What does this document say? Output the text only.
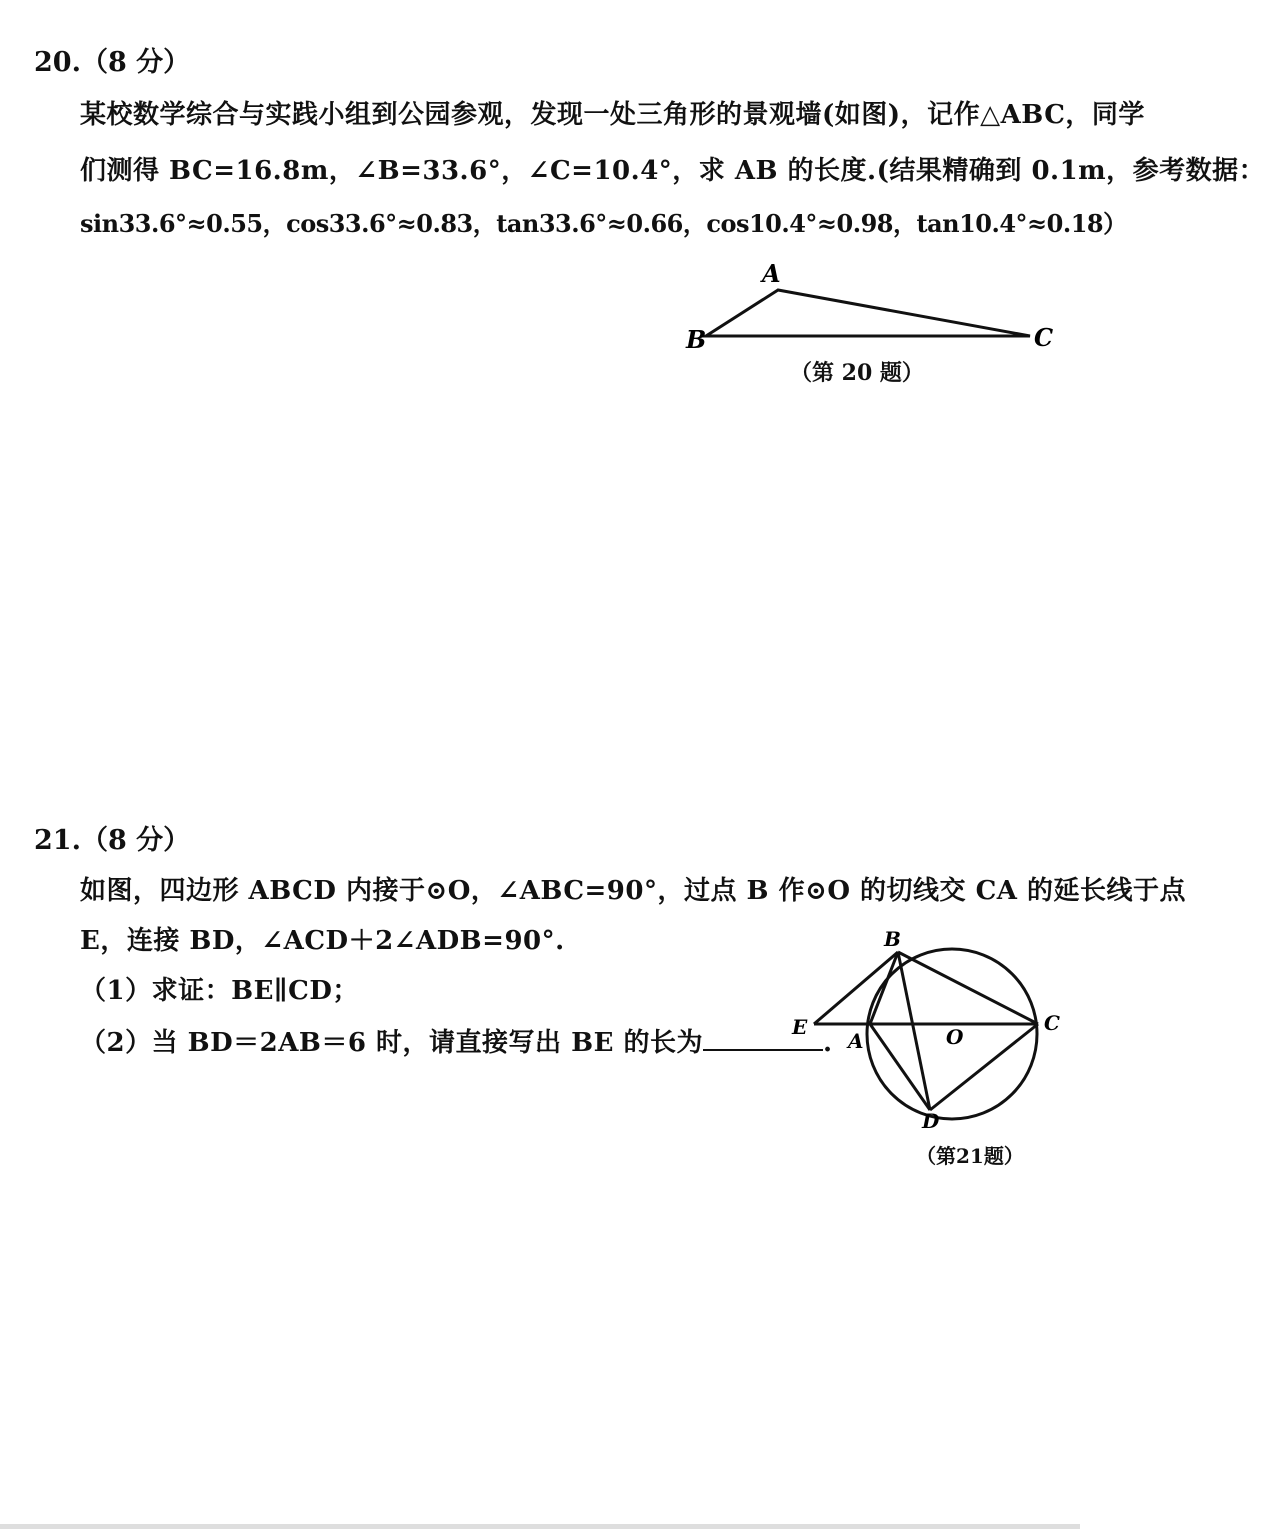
20.（8 分）
某校数学综合与实践小组到公园参观，发现一处三角形的景观墙(如图)，记作△ABC，同学
们测得 BC=16.8m，∠B=33.6°，∠C=10.4°，求 AB 的长度.(结果精确到 0.1m，参考数据：
sin33.6°≈0.55，cos33.6°≈0.83，tan33.6°≈0.66，cos10.4°≈0.98，tan10.4°≈0.18）
A
B	C
（第 20 题）
21.（8 分）
如图，四边形 ABCD 内接于⊙O，∠ABC=90°，过点 B 作⊙O 的切线交 CA 的延长线于点
E，连接 BD，∠ACD＋2∠ADB=90°.
（1）求证：BE∥CD；
（2）当 BD＝2AB＝6 时，请直接写出 BE 的长为	.
B
E
A	O
C
D
（第21题）
